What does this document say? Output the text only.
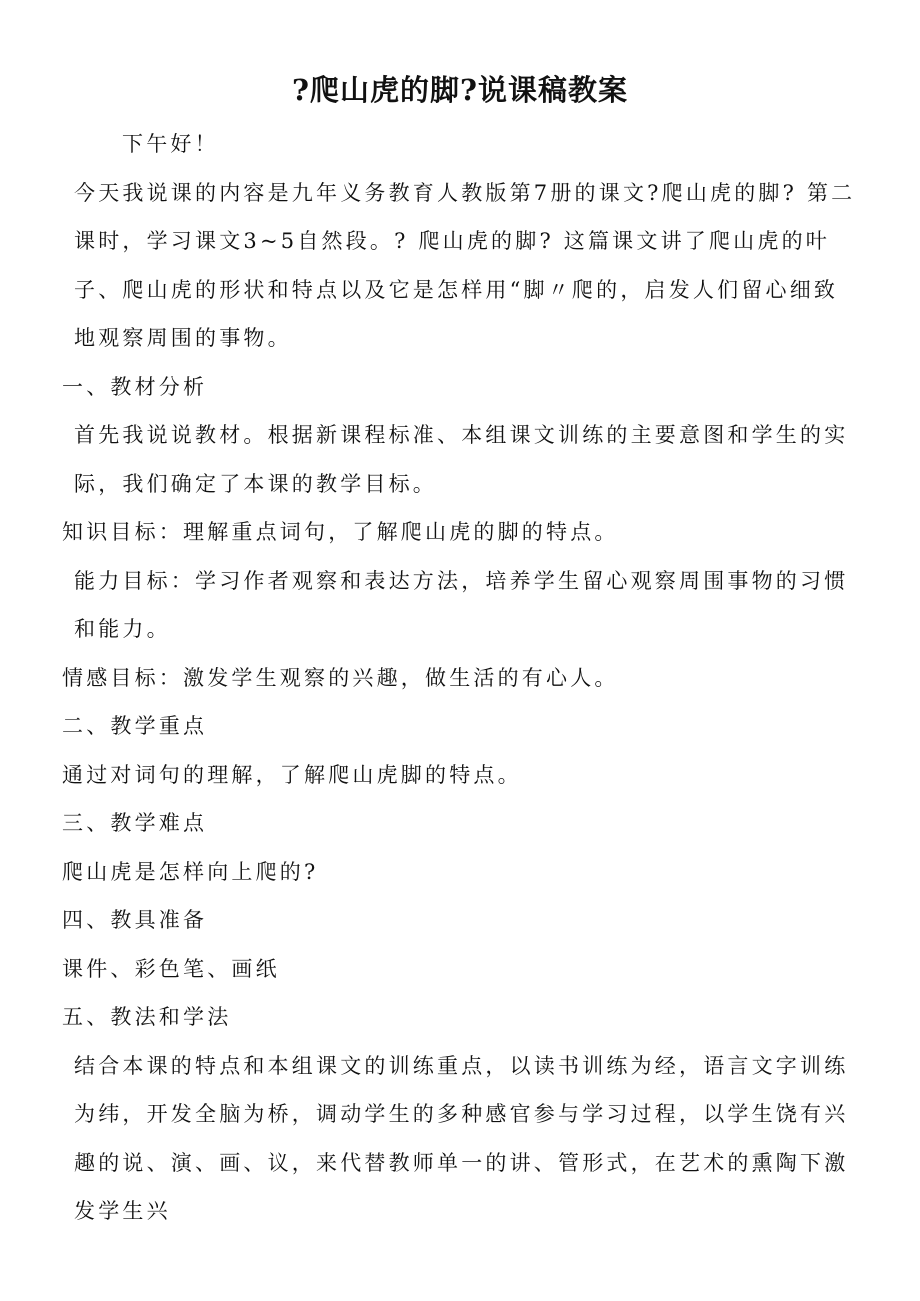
?爬山虎的脚?说课稿教案

下午好！

今天我说课的内容是九年义务教育人教版第7册的课文?爬山虎的脚? 第二课时，学习课文3~5自然段。? 爬山虎的脚? 这篇课文讲了爬山虎的叶子、爬山虎的形状和特点以及它是怎样用“脚〃爬的，启发人们留心细致地观察周围的事物。

一、教材分析

首先我说说教材。根据新课程标准、本组课文训练的主要意图和学生的实际，我们确定了本课的教学目标。

知识目标：理解重点词句，了解爬山虎的脚的特点。

能力目标：学习作者观察和表达方法，培养学生留心观察周围事物的习惯和能力。

情感目标：激发学生观察的兴趣，做生活的有心人。

二、教学重点

通过对词句的理解，了解爬山虎脚的特点。

三、教学难点

爬山虎是怎样向上爬的?

四、教具准备

课件、彩色笔、画纸

五、教法和学法

结合本课的特点和本组课文的训练重点，以读书训练为经，语言文字训练为纬，开发全脑为桥，调动学生的多种感官参与学习过程，以学生饶有兴趣的说、演、画、议，来代替教师单一的讲、管形式，在艺术的熏陶下激发学生兴
